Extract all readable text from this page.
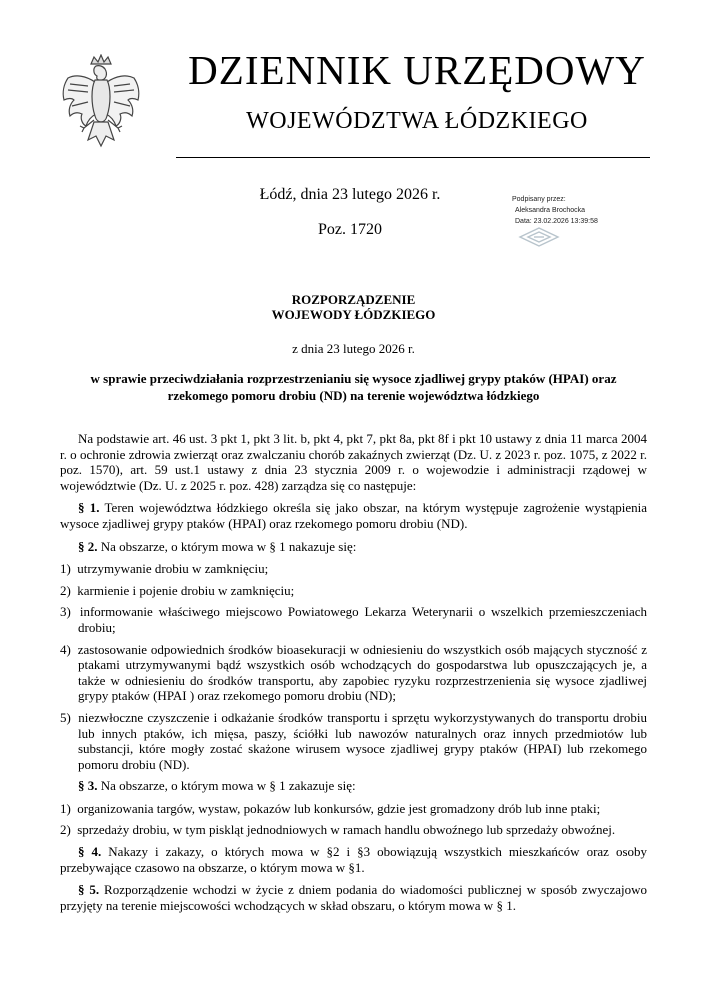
DZIENNIK URZĘDOWY
WOJEWÓDZTWA ŁÓDZKIEGO
Łódź, dnia 23 lutego 2026 r.
Poz. 1720
Podpisany przez:
Aleksandra Brochocka
Data: 23.02.2026 13:39:58
ROZPORZĄDZENIE
WOJEWODY ŁÓDZKIEGO
z dnia 23 lutego 2026 r.
w sprawie przeciwdziałania rozprzestrzenianiu się wysoce zjadliwej grypy ptaków (HPAI) oraz
rzekomego pomoru drobiu (ND) na terenie województwa łódzkiego

Na podstawie art. 46 ust. 3 pkt 1, pkt 3 lit. b, pkt 4, pkt 7, pkt 8a, pkt 8f i pkt 10 ustawy z dnia 11 marca 2004 r. o ochronie zdrowia zwierząt oraz zwalczaniu chorób zakaźnych zwierząt (Dz. U. z 2023 r. poz. 1075, z 2022 r. poz. 1570), art. 59 ust.1 ustawy z dnia 23 stycznia 2009 r. o wojewodzie i administracji rządowej w województwie (Dz. U. z 2025 r. poz. 428) zarządza się co następuje:

§ 1. Teren województwa łódzkiego określa się jako obszar, na którym występuje zagrożenie wystąpienia wysoce zjadliwej grypy ptaków (HPAI) oraz rzekomego pomoru drobiu (ND).

§ 2. Na obszarze, o którym mowa w § 1 nakazuje się:

1) utrzymywanie drobiu w zamknięciu;
2) karmienie i pojenie drobiu w zamknięciu;
3) informowanie właściwego miejscowo Powiatowego Lekarza Weterynarii o wszelkich przemieszczeniach drobiu;
4) zastosowanie odpowiednich środków bioasekuracji w odniesieniu do wszystkich osób mających styczność z ptakami utrzymywanymi bądź wszystkich osób wchodzących do gospodarstwa lub opuszczających je, a także w odniesieniu do środków transportu, aby zapobiec ryzyku rozprzestrzenienia się wysoce zjadliwej grypy ptaków (HPAI ) oraz rzekomego pomoru drobiu (ND);
5) niezwłoczne czyszczenie i odkażanie środków transportu i sprzętu wykorzystywanych do transportu drobiu lub innych ptaków, ich mięsa, paszy, ściółki lub nawozów naturalnych oraz innych przedmiotów lub substancji, które mogły zostać skażone wirusem wysoce zjadliwej grypy ptaków (HPAI) lub rzekomego pomoru drobiu (ND).

§ 3. Na obszarze, o którym mowa w § 1 zakazuje się:

1) organizowania targów, wystaw, pokazów lub konkursów, gdzie jest gromadzony drób lub inne ptaki;
2) sprzedaży drobiu, w tym piskląt jednodniowych w ramach handlu obwoźnego lub sprzedaży obwoźnej.

§ 4. Nakazy i zakazy, o których mowa w §2 i §3 obowiązują wszystkich mieszkańców oraz osoby przebywające czasowo na obszarze, o którym mowa w §1.

§ 5. Rozporządzenie wchodzi w życie z dniem podania do wiadomości publicznej w sposób zwyczajowo przyjęty na terenie miejscowości wchodzących w skład obszaru, o którym mowa w § 1.
